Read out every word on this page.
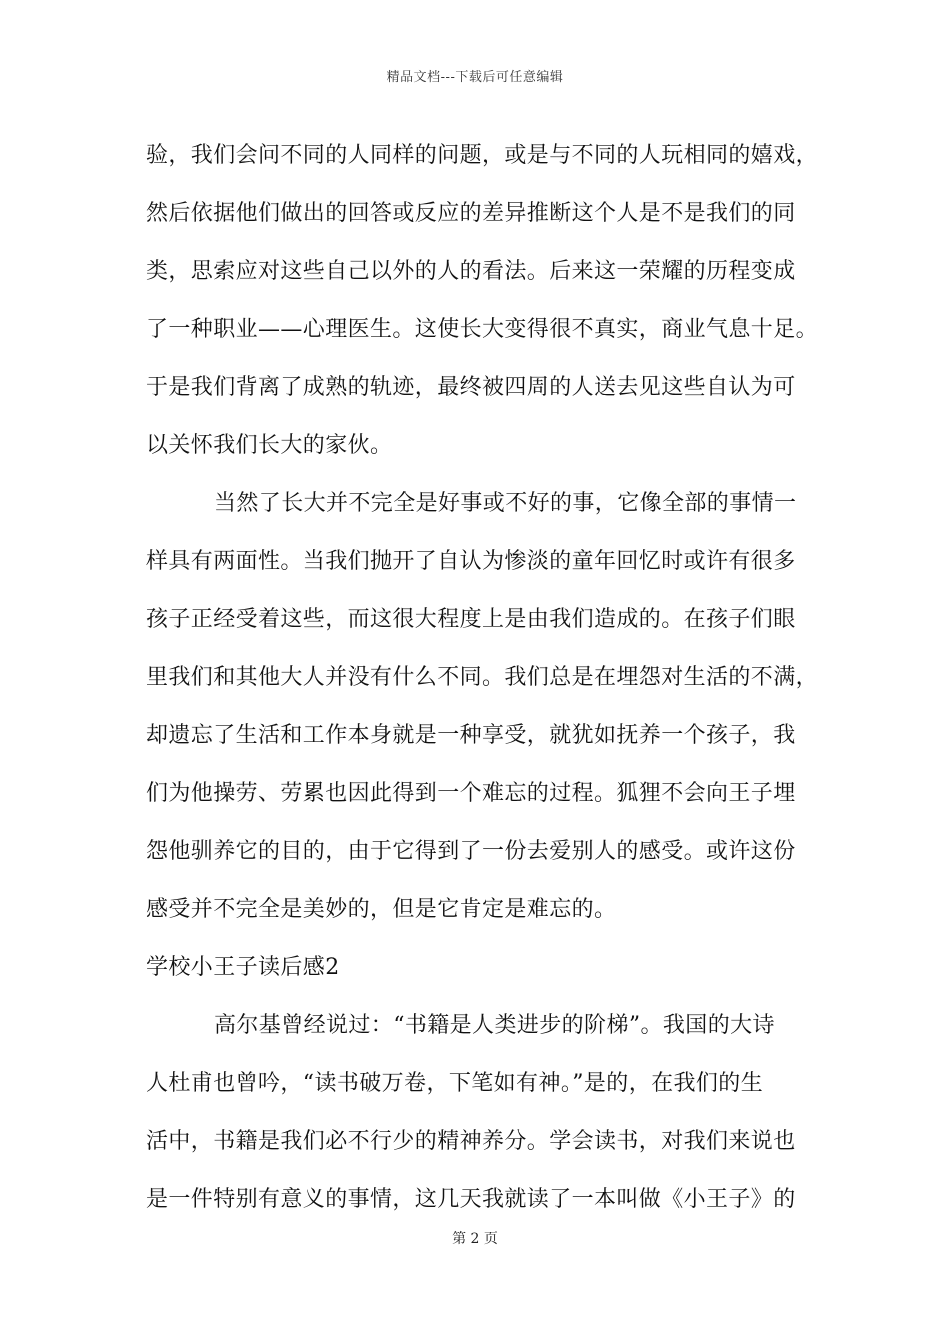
精品文档---下载后可任意编辑
验，我们会问不同的人同样的问题，或是与不同的人玩相同的嬉戏，
然后依据他们做出的回答或反应的差异推断这个人是不是我们的同
类，思索应对这些自己以外的人的看法。后来这一荣耀的历程变成
了一种职业——心理医生。这使长大变得很不真实，商业气息十足。
于是我们背离了成熟的轨迹，最终被四周的人送去见这些自认为可
以关怀我们长大的家伙。
当然了长大并不完全是好事或不好的事，它像全部的事情一
样具有两面性。当我们抛开了自认为惨淡的童年回忆时或许有很多
孩子正经受着这些，而这很大程度上是由我们造成的。在孩子们眼
里我们和其他大人并没有什么不同。我们总是在埋怨对生活的不满，
却遗忘了生活和工作本身就是一种享受，就犹如抚养一个孩子，我
们为他操劳、劳累也因此得到一个难忘的过程。狐狸不会向王子埋
怨他驯养它的目的，由于它得到了一份去爱别人的感受。或许这份
感受并不完全是美妙的，但是它肯定是难忘的。
学校小王子读后感2
高尔基曾经说过：“书籍是人类进步的阶梯”。我国的大诗
人杜甫也曾吟，“读书破万卷，下笔如有神。”是的，在我们的生
活中，书籍是我们必不行少的精神养分。学会读书，对我们来说也
是一件特别有意义的事情，这几天我就读了一本叫做《小王子》的
第 2 页
